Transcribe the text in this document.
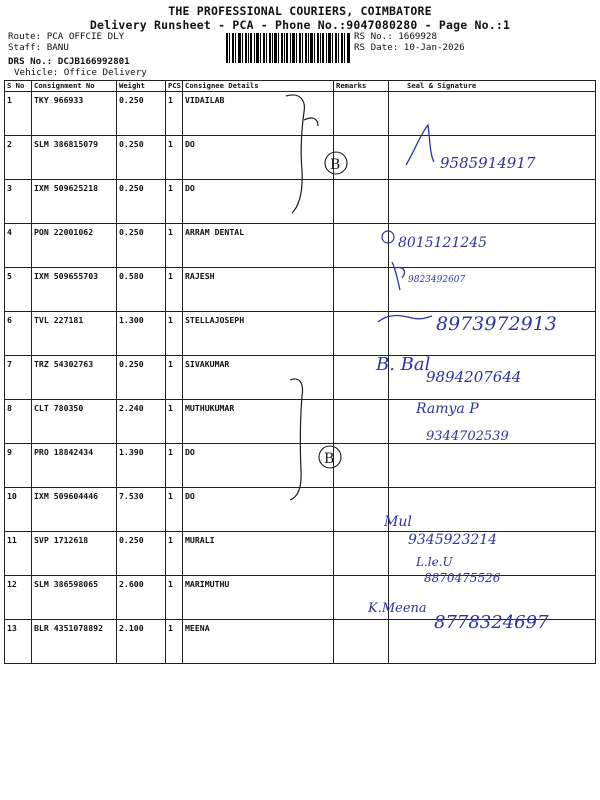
THE PROFESSIONAL COURIERS, COIMBATORE
Delivery Runsheet - PCA - Phone No.:9047080280 - Page No.:1
Route: PCA OFFCIE DLY
Staff: BANU
DRS No.: DCJB166992801
Vehicle: Office Delivery
RS No.: 1669928
RS Date: 10-Jan-2026
S No	Consignment No	Weight	PCS	Consignee Details	Remarks	Seal & Signature
1	TKY 966933	0.250	1	VIDAILAB		
2	SLM 386815079	0.250	1	DO		
3	IXM 509625218	0.250	1	DO		
4	PON 22001062	0.250	1	ARRAM DENTAL		
5	IXM 509655703	0.580	1	RAJESH		
6	TVL 227181	1.300	1	STELLAJOSEPH		
7	TRZ 54302763	0.250	1	SIVAKUMAR		
8	CLT 780350	2.240	1	MUTHUKUMAR		
9	PRO 18842434	1.390	1	DO		
10	IXM 509604446	7.530	1	DO		
11	SVP 1712618	0.250	1	MURALI		
12	SLM 386598065	2.600	1	MARIMUTHU		
13	BLR 4351078892	2.100	1	MEENA		
B
B
9585914917
8015121245
9823492607
8973972913
B. Bal
9894207644
Ramya P
9344702539
Mul
9345923214
L.le.U
8870475526
K.Meena
8778324697
